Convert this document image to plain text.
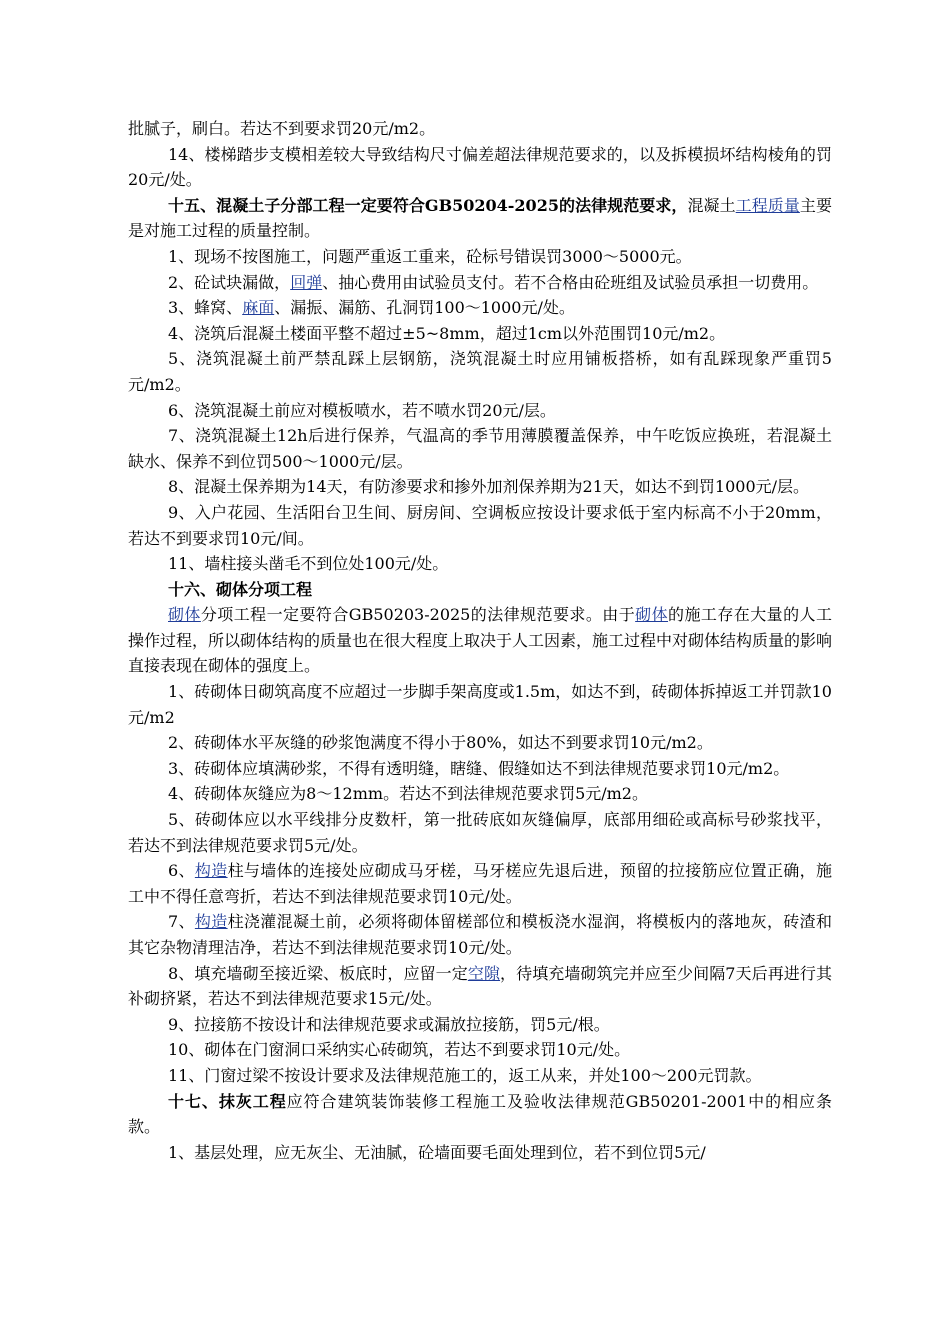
批腻子，刷白。若达不到要求罚20元/m2。

14、楼梯踏步支模相差较大导致结构尺寸偏差超法律规范要求的，以及拆模损坏结构棱角的罚20元/处。

十五、混凝土子分部工程一定要符合GB50204-2025的法律规范要求，混凝土工程质量主要是对施工过程的质量控制。

1、现场不按图施工，问题严重返工重来，砼标号错误罚3000～5000元。

2、砼试块漏做，回弹、抽心费用由试验员支付。若不合格由砼班组及试验员承担一切费用。

3、蜂窝、麻面、漏振、漏筋、孔洞罚100～1000元/处。

4、浇筑后混凝土楼面平整不超过±5~8mm，超过1cm以外范围罚10元/m2。

5、浇筑混凝土前严禁乱踩上层钢筋，浇筑混凝土时应用铺板搭桥，如有乱踩现象严重罚5元/m2。

6、浇筑混凝土前应对模板喷水，若不喷水罚20元/层。

7、浇筑混凝土12h后进行保养，气温高的季节用薄膜覆盖保养，中午吃饭应换班，若混凝土缺水、保养不到位罚500～1000元/层。

8、混凝土保养期为14天，有防渗要求和掺外加剂保养期为21天，如达不到罚1000元/层。

9、入户花园、生活阳台卫生间、厨房间、空调板应按设计要求低于室内标高不小于20mm，若达不到要求罚10元/间。

11、墙柱接头凿毛不到位处100元/处。

十六、砌体分项工程

砌体分项工程一定要符合GB50203-2025的法律规范要求。由于砌体的施工存在大量的人工操作过程，所以砌体结构的质量也在很大程度上取决于人工因素，施工过程中对砌体结构质量的影响直接表现在砌体的强度上。

1、砖砌体日砌筑高度不应超过一步脚手架高度或1.5m，如达不到，砖砌体拆掉返工并罚款10元/m2

2、砖砌体水平灰缝的砂浆饱满度不得小于80%，如达不到要求罚10元/m2。

3、砖砌体应填满砂浆，不得有透明缝，瞎缝、假缝如达不到法律规范要求罚10元/m2。

4、砖砌体灰缝应为8～12mm。若达不到法律规范要求罚5元/m2。

5、砖砌体应以水平线排分皮数杆，第一批砖底如灰缝偏厚，底部用细砼或高标号砂浆找平，若达不到法律规范要求罚5元/处。

6、构造柱与墙体的连接处应砌成马牙槎，马牙槎应先退后进，预留的拉接筋应位置正确，施工中不得任意弯折，若达不到法律规范要求罚10元/处。

7、构造柱浇灌混凝土前，必须将砌体留槎部位和模板浇水湿润，将模板内的落地灰，砖渣和其它杂物清理洁净，若达不到法律规范要求罚10元/处。

8、填充墙砌至接近梁、板底时，应留一定空隙，待填充墙砌筑完并应至少间隔7天后再进行其补砌挤紧，若达不到法律规范要求15元/处。

9、拉接筋不按设计和法律规范要求或漏放拉接筋，罚5元/根。

10、砌体在门窗洞口采纳实心砖砌筑，若达不到要求罚10元/处。

11、门窗过梁不按设计要求及法律规范施工的，返工从来，并处100～200元罚款。

十七、抹灰工程应符合建筑装饰装修工程施工及验收法律规范GB50201-2001中的相应条款。

1、基层处理，应无灰尘、无油腻，砼墙面要毛面处理到位，若不到位罚5元/
